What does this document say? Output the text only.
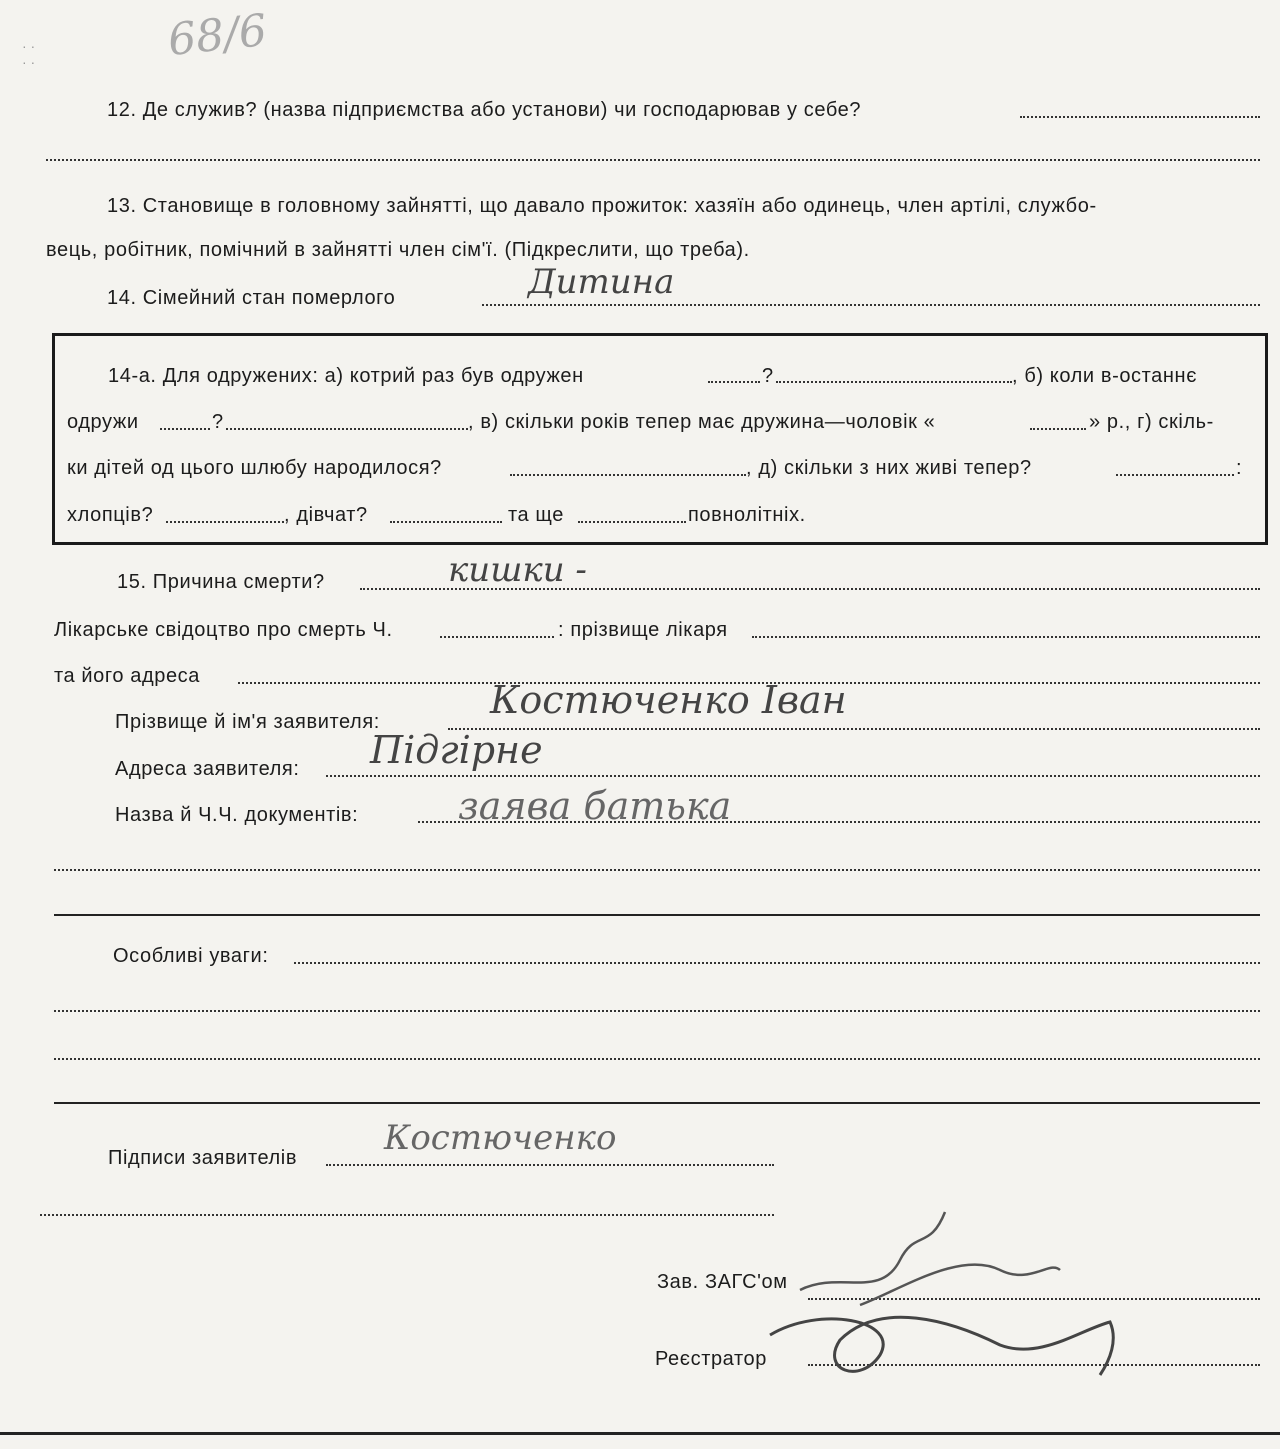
68/6
· ·
· ·
12. Де служив? (назва підприємства або установи) чи господарював у себе?
13. Становище в головному зайнятті, що давало прожиток: хазяїн або одинець, член артілі, службо-
вець, робітник, помічний в зайнятті член сім'ї. (Підкреслити, що треба).
14. Сімейний стан померлого	Дитина
14-а. Для одружених: а) котрий раз був одружен	?	, б) коли в-останнє
одружи	?	, в) скільки років тепер має дружина—чоловік «	» р., г) скіль-
ки дітей од цього шлюбу народилося?	, д) скільки з них живі тепер?	:
хлопців?	, дівчат?	та ще	повнолітніх.
15. Причина смерти?	кишки -
Лікарське свідоцтво про смерть Ч.	: прізвище лікаря
та його адреса
Прізвище й ім'я заявителя:	Костюченко Іван
Адреса заявителя: Підгірне
Назва й Ч.Ч. документів:	заява батька
Особливі уваги:
Підписи заявителів	Костюченко
Зав. ЗАГС'ом
Реєстратор
